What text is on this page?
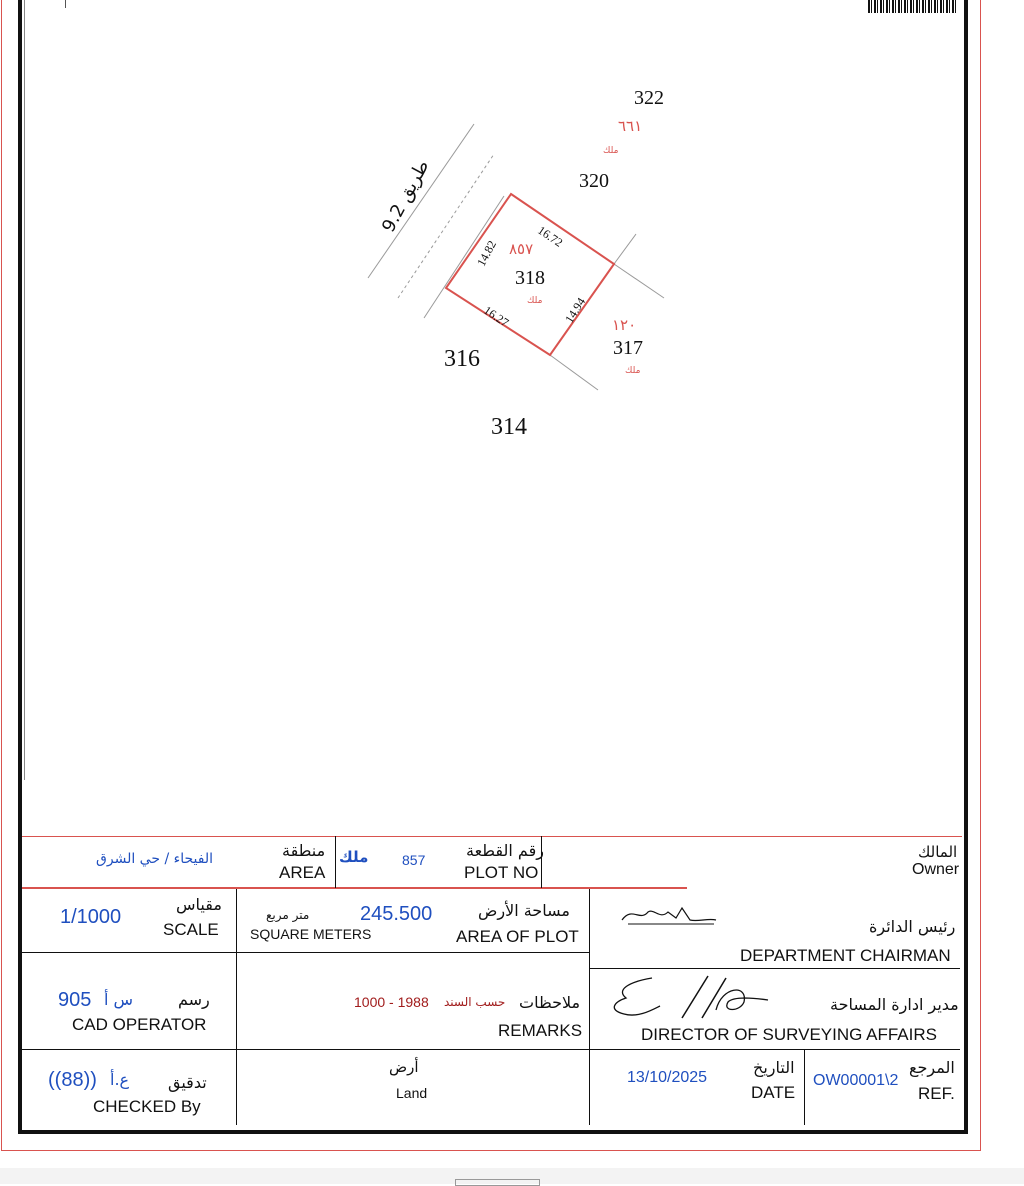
322
٦٦١
ملك
320
9.2 طريق
14.82
16.72
٨٥٧
318
ملك 14.94
16.27	١٢٠
317
ملك
316
314
الفيحاء / حي الشرق	منطقة
AREA
ملك 857	رقم القطعة
PLOT NO
المالك
Owner
1/1000
مقياس
SCALE
متر مربع
SQUARE METERS
245.500	مساحة الأرض
AREA OF PLOT
رئيس الدائرة
DEPARTMENT CHAIRMAN
905 س أ	رسم
CAD OPERATOR
1000 - 1988 حسب السند ملاحظات
REMARKS
مدير ادارة المساحة
DIRECTOR OF SURVEYING AFFAIRS
((88)) ع.أ تدقيق
CHECKED By
أرض
Land
13/10/2025
التاريخ
DATE
OW00001\2
المرجع
REF.
